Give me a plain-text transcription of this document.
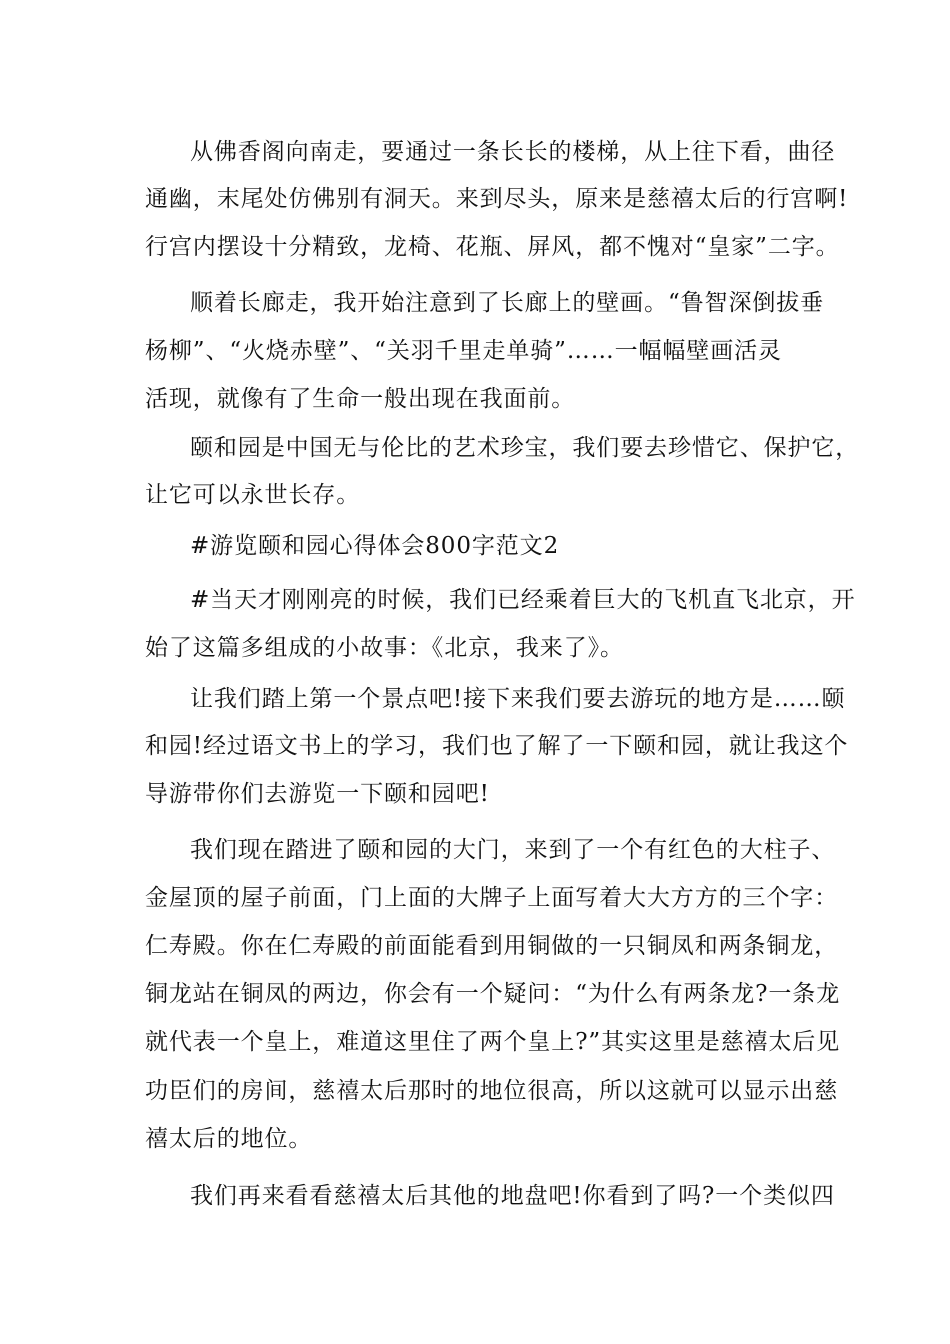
从佛香阁向南走，要通过一条长长的楼梯，从上往下看，曲径
通幽，末尾处仿佛别有洞天。来到尽头，原来是慈禧太后的行宫啊!
行宫内摆设十分精致，龙椅、花瓶、屏风，都不愧对“皇家”二字。
顺着长廊走，我开始注意到了长廊上的壁画。“鲁智深倒拔垂
杨柳”、“火烧赤壁”、“关羽千里走单骑”……一幅幅壁画活灵
活现，就像有了生命一般出现在我面前。
颐和园是中国无与伦比的艺术珍宝，我们要去珍惜它、保护它，
让它可以永世长存。
#游览颐和园心得体会800字范文2
#当天才刚刚亮的时候，我们已经乘着巨大的飞机直飞北京，开
始了这篇多组成的小故事：《北京，我来了》。
让我们踏上第一个景点吧!接下来我们要去游玩的地方是……颐
和园!经过语文书上的学习，我们也了解了一下颐和园，就让我这个
导游带你们去游览一下颐和园吧!
我们现在踏进了颐和园的大门，来到了一个有红色的大柱子、
金屋顶的屋子前面，门上面的大牌子上面写着大大方方的三个字：
仁寿殿。你在仁寿殿的前面能看到用铜做的一只铜凤和两条铜龙，
铜龙站在铜凤的两边，你会有一个疑问：“为什么有两条龙?一条龙
就代表一个皇上，难道这里住了两个皇上?”其实这里是慈禧太后见
功臣们的房间，慈禧太后那时的地位很高，所以这就可以显示出慈
禧太后的地位。
我们再来看看慈禧太后其他的地盘吧!你看到了吗?一个类似四
